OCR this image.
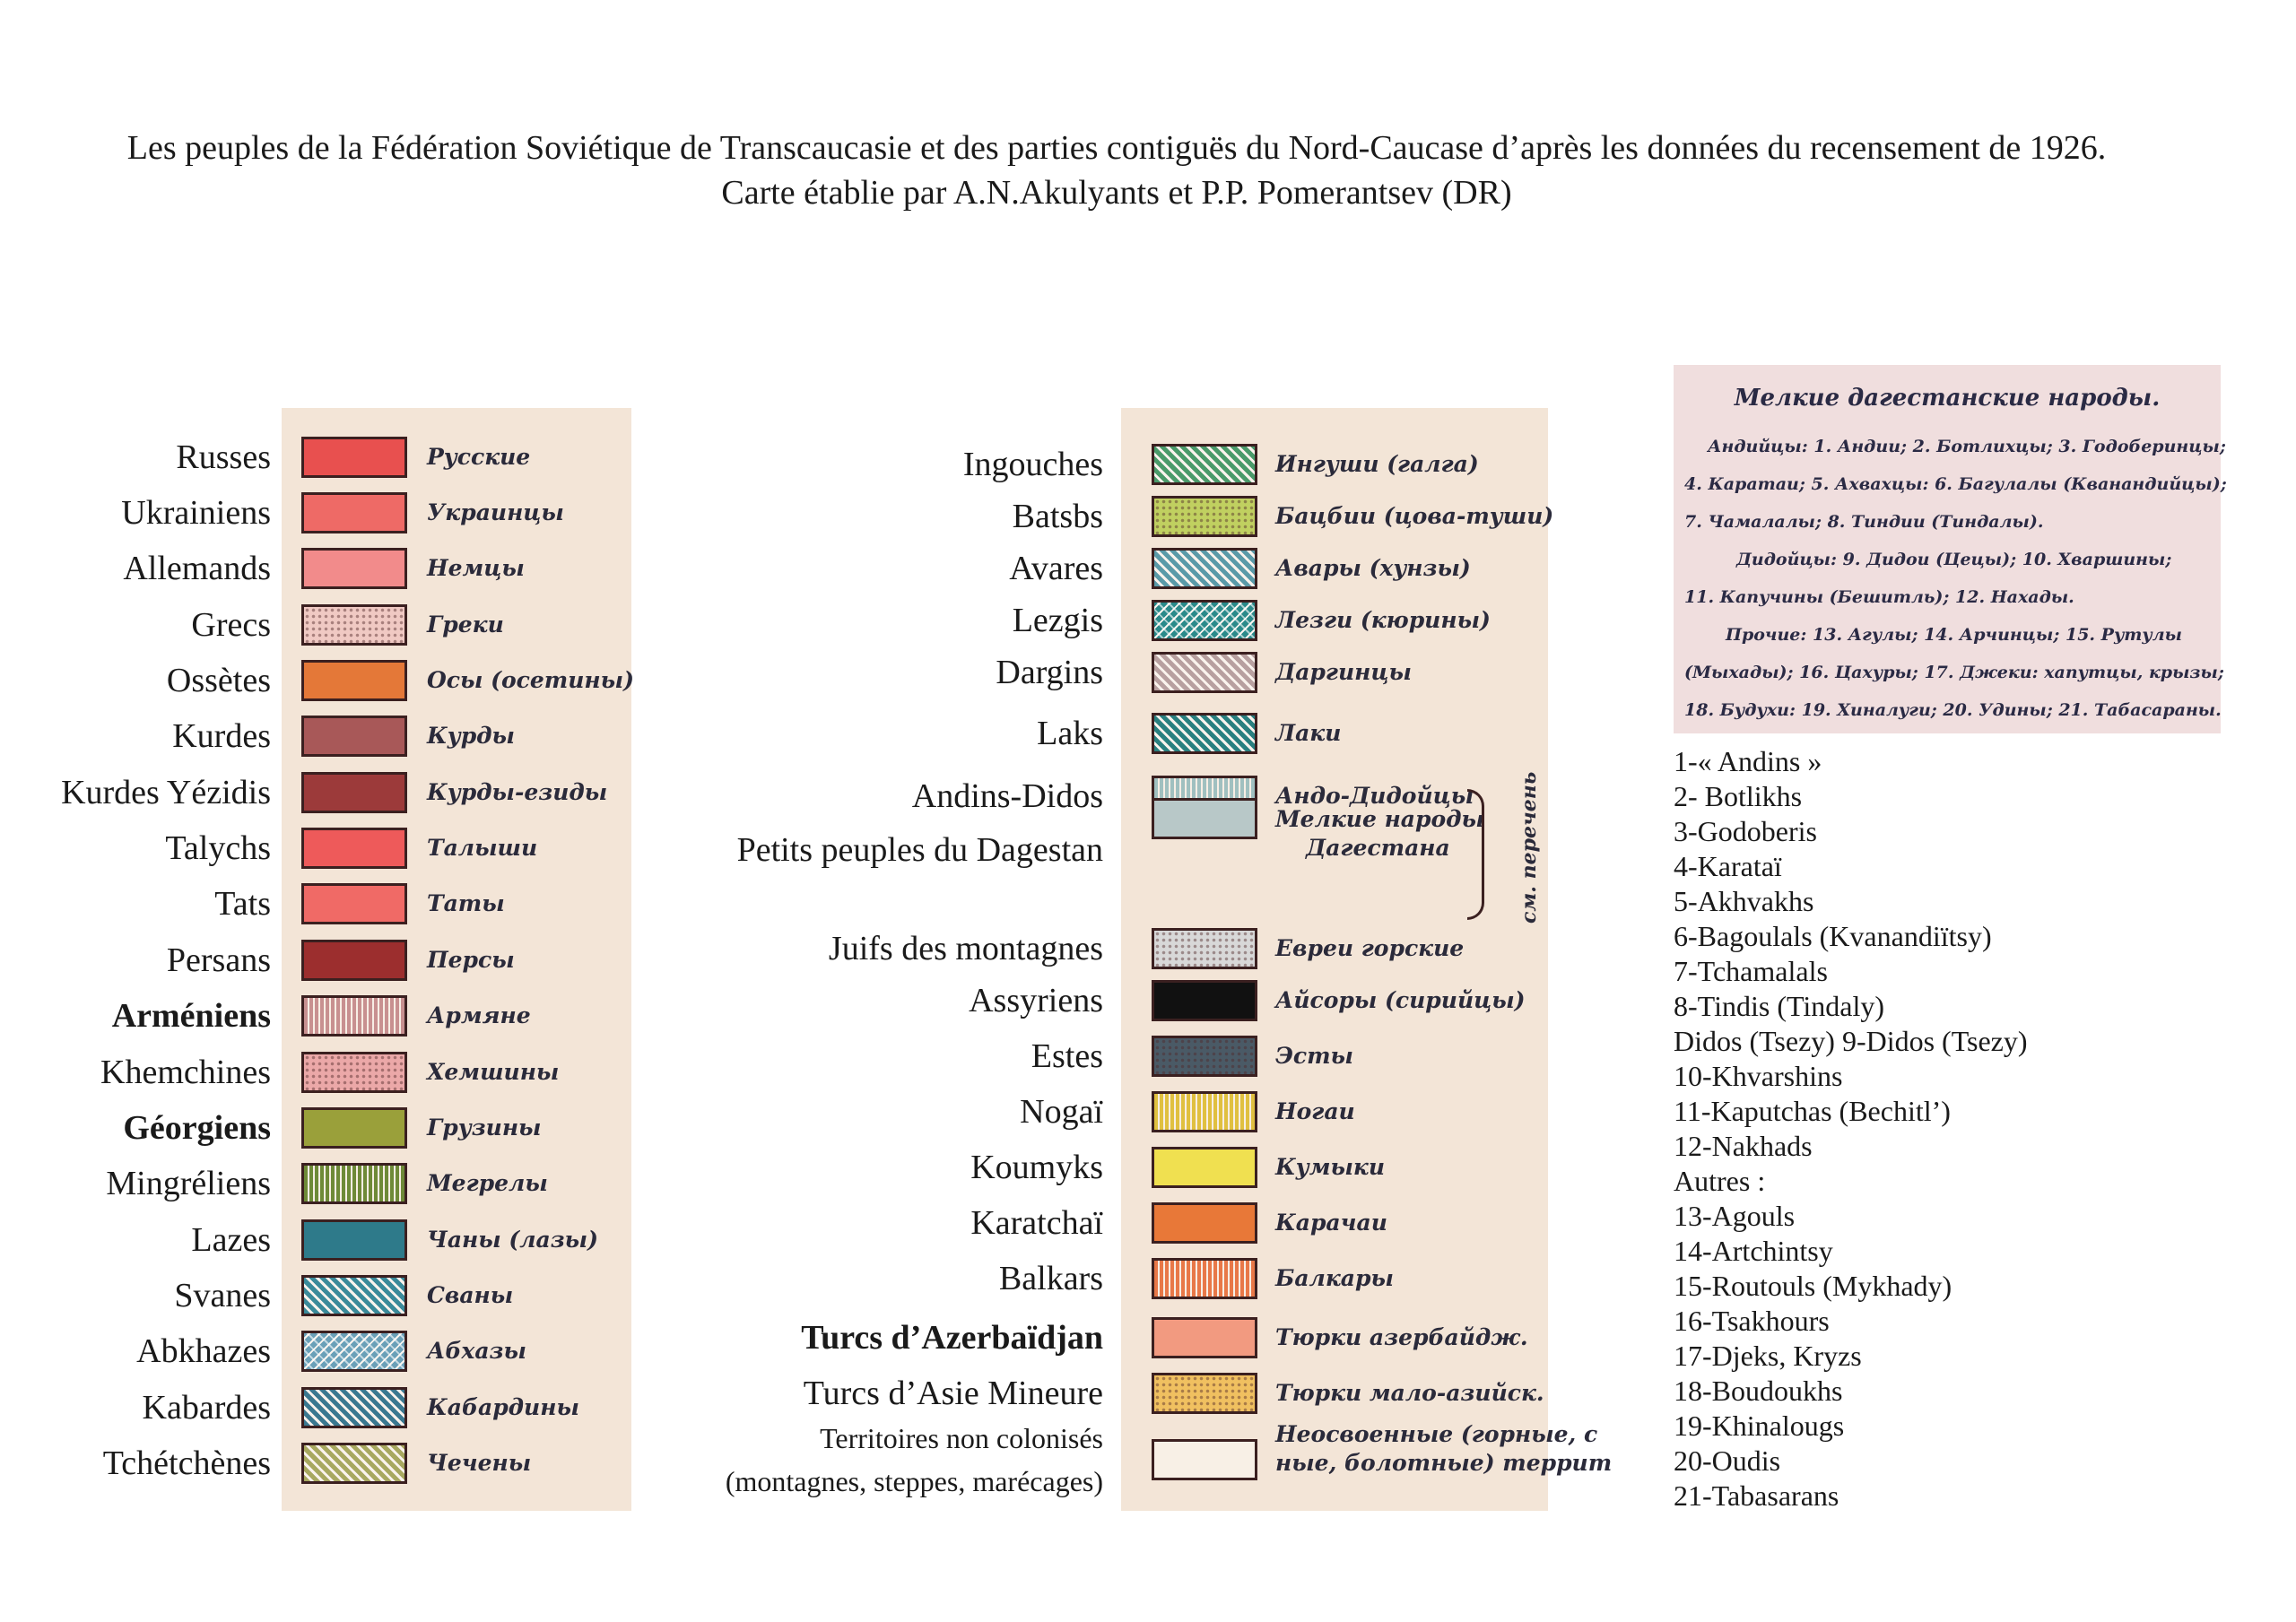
Les peuples de la Fédération Soviétique de Transcaucasie et des parties contiguës du Nord-Caucase d’après les données du recensement de 1926.
Carte établie par A.N.Akulyants et P.P. Pomerantsev (DR)
Russes	Русские
Ukrainiens	Украинцы
Allemands	Немцы
Grecs	Греки
Ossètes	Осы (осетины)
Kurdes	Курды
Kurdes Yézidis	Курды-езиды
Talychs	Талыши
Tats	Таты
Persans	Персы
Arméniens	Армяне
Khemchines	Хемшины
Géorgiens	Грузины
Mingréliens	Мегрелы
Lazes	Чаны (лазы)
Svanes	Сваны
Abkhazes	Абхазы
Kabardes	Кабардины
Tchétchènes	Чечены
Ingouches	Ингуши (галга)
Batsbs	Бацбии (цова-туши)
Avares	Авары (хунзы)
Lezgis	Лезги (кюрины)
Dargins	Даргинцы
Laks	Лаки
Andins-Didos	Андо-Дидойцы
Petits peuples du Dagestan
Мелкие народы
Дагестана
Juifs des montagnes	Евреи горские
Assyriens	Айсоры (сирийцы)
Estes	Эсты
Nogaï	Ногаи
Koumyks	Кумыки
Karatchaï	Карачаи
Balkars	Балкары
Turcs d’Azerbaïdjan	Тюрки азербайдж.
Turcs d’Asie Mineure	Тюрки мало-азийск.
Territoires non colonisés
(montagnes, steppes, marécages)
Неосвоенные (горные, с
ные, болотные) террит
см. перечень
Мелкие дагестанские народы.
Андийцы: 1. Андии; 2. Ботлихцы; 3. Годоберинцы;
4. Каратаи; 5. Ахвахцы: 6. Багулалы (Кванандийцы);
7. Чамалалы; 8. Тиндии (Тиндалы).
Дидойцы: 9. Дидои (Цецы); 10. Хваршины;
11. Капучины (Бешитль); 12. Нахады.
Прочие: 13. Агулы; 14. Арчинцы; 15. Рутулы
(Мыхады); 16. Цахуры; 17. Джеки: хапутцы, крызы;
18. Будухи: 19. Хиналуги; 20. Удины; 21. Табасараны.
1-« Andins »
2- Botlikhs
3-Godoberis
4-Karataï
5-Akhvakhs
6-Bagoulals (Kvanandiïtsy)
7-Tchamalals
8-Tindis (Tindaly)
Didos (Tsezy) 9-Didos (Tsezy)
10-Khvarshins
11-Kaputchas (Bechitl’)
12-Nakhads
Autres :
13-Agouls
14-Artchintsy
15-Routouls (Mykhady)
16-Tsakhours
17-Djeks, Kryzs
18-Boudoukhs
19-Khinalougs
20-Oudis
21-Tabasarans
